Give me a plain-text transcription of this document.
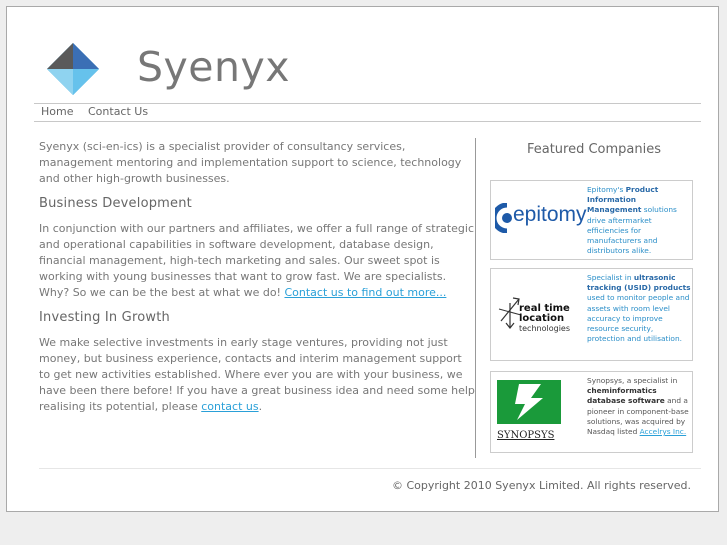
Syenyx
Home Contact Us

Syenyx (sci-en-ics) is a specialist provider of consultancy services, management mentoring and implementation support to science, technology and other high-growth businesses.

Business Development

In conjunction with our partners and affiliates, we offer a full range of strategic and operational capabilities in software development, database design, financial management, high-tech marketing and sales. Our sweet spot is working with young businesses that want to grow fast. We are specialists. Why? So we can be the best at what we do! Contact us to find out more...

Investing In Growth

We make selective investments in early stage ventures, providing not just money, but business experience, contacts and interim management support to get new activities established. Where ever you are with your business, we have been there before! If you have a great business idea and need some help realising its potential, please contact us.

Featured Companies
epitomy
Epitomy's Product Information Management solutions drive aftermarket efficiencies for manufacturers and distributors alike.
real time
location
technologies
Specialist in ultrasonic tracking (USID) products used to monitor people and assets with room level accuracy to improve resource security, protection and utilisation.
SYNOPSYS
Synopsys, a specialist in cheminformatics database software and a pioneer in component-base solutions, was acquired by Nasdaq listed Accelrys Inc.
© Copyright 2010 Syenyx Limited. All rights reserved.
